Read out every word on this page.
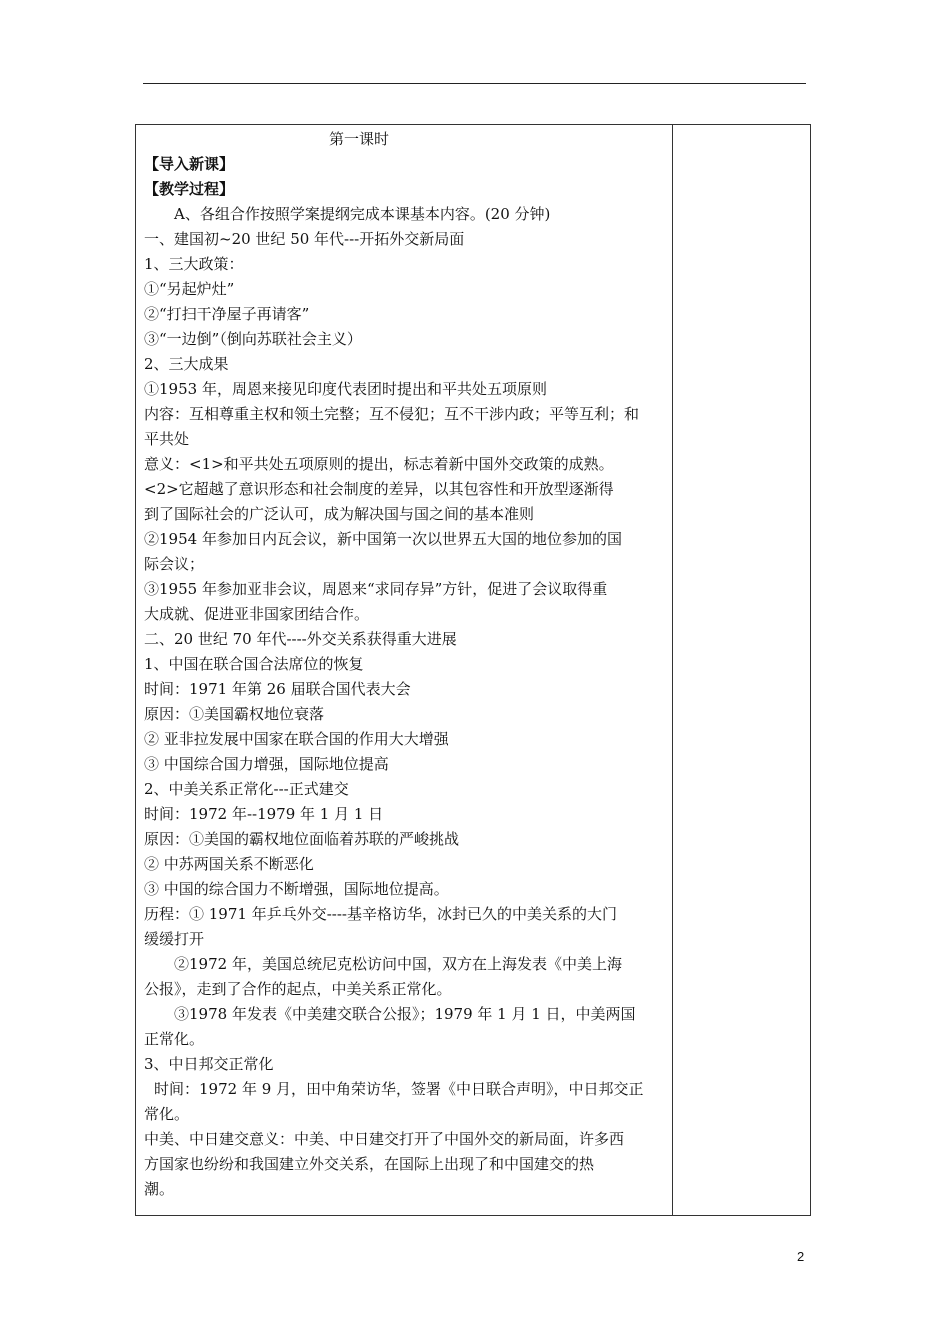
第一课时
【导入新课】
【教学过程】
A、各组合作按照学案提纲完成本课基本内容。(20 分钟)
一、建国初~20 世纪 50 年代---开拓外交新局面
1、三大政策：
①“另起炉灶”
②“打扫干净屋子再请客”
③“一边倒”（倒向苏联社会主义）
2、三大成果
①1953 年，周恩来接见印度代表团时提出和平共处五项原则
内容：互相尊重主权和领土完整；互不侵犯；互不干涉内政；平等互利；和
平共处
意义：<1>和平共处五项原则的提出，标志着新中国外交政策的成熟。
<2>它超越了意识形态和社会制度的差异，以其包容性和开放型逐渐得
到了国际社会的广泛认可，成为解决国与国之间的基本准则
②1954 年参加日内瓦会议，新中国第一次以世界五大国的地位参加的国
际会议；
③1955 年参加亚非会议，周恩来“求同存异”方针，促进了会议取得重
大成就、促进亚非国家团结合作。
二、20 世纪 70 年代----外交关系获得重大进展
1、中国在联合国合法席位的恢复
时间：1971 年第 26 届联合国代表大会
原因：①美国霸权地位衰落
② 亚非拉发展中国家在联合国的作用大大增强
③ 中国综合国力增强，国际地位提高
2、中美关系正常化---正式建交
时间：1972 年--1979 年 1 月 1 日
原因：①美国的霸权地位面临着苏联的严峻挑战
② 中苏两国关系不断恶化
③ 中国的综合国力不断增强，国际地位提高。
历程：① 1971 年乒乓外交----基辛格访华，冰封已久的中美关系的大门
缓缓打开
②1972 年，美国总统尼克松访问中国，双方在上海发表《中美上海
公报》，走到了合作的起点，中美关系正常化。
③1978 年发表《中美建交联合公报》；1979 年 1 月 1 日，中美两国
正常化。
3、中日邦交正常化
时间：1972 年 9 月，田中角荣访华，签署《中日联合声明》，中日邦交正
常化。
中美、中日建交意义：中美、中日建交打开了中国外交的新局面，许多西
方国家也纷纷和我国建立外交关系，在国际上出现了和中国建交的热
潮。
2
